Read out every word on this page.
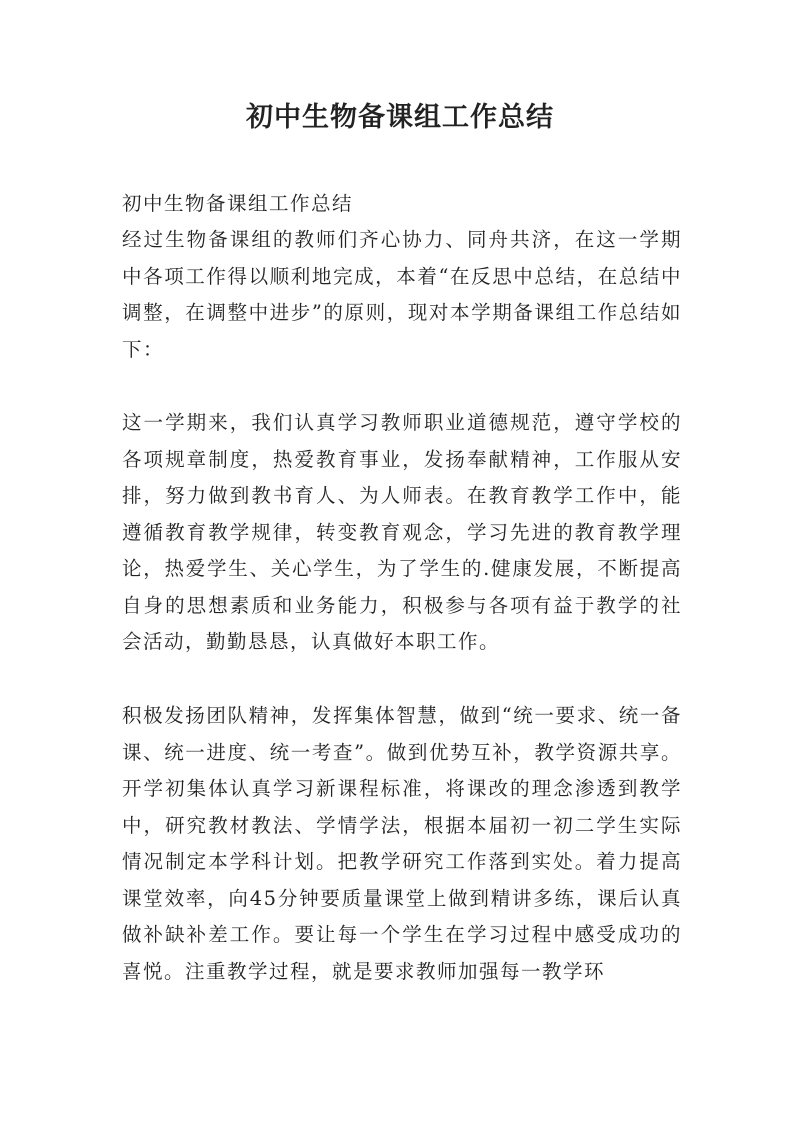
初中生物备课组工作总结

初中生物备课组工作总结

经过生物备课组的教师们齐心协力、同舟共济，在这一学期中各项工作得以顺利地完成，本着“在反思中总结，在总结中调整，在调整中进步”的原则，现对本学期备课组工作总结如下：

这一学期来，我们认真学习教师职业道德规范，遵守学校的各项规章制度，热爱教育事业，发扬奉献精神，工作服从安排，努力做到教书育人、为人师表。在教育教学工作中，能遵循教育教学规律，转变教育观念，学习先进的教育教学理论，热爱学生、关心学生，为了学生的.健康发展，不断提高自身的思想素质和业务能力，积极参与各项有益于教学的社会活动，勤勤恳恳，认真做好本职工作。

积极发扬团队精神，发挥集体智慧，做到“统一要求、统一备课、统一进度、统一考查”。做到优势互补，教学资源共享。开学初集体认真学习新课程标准，将课改的理念渗透到教学中，研究教材教法、学情学法，根据本届初一初二学生实际情况制定本学科计划。把教学研究工作落到实处。着力提高课堂效率，向45分钟要质量课堂上做到精讲多练，课后认真做补缺补差工作。要让每一个学生在学习过程中感受成功的喜悦。注重教学过程，就是要求教师加强每一教学环
